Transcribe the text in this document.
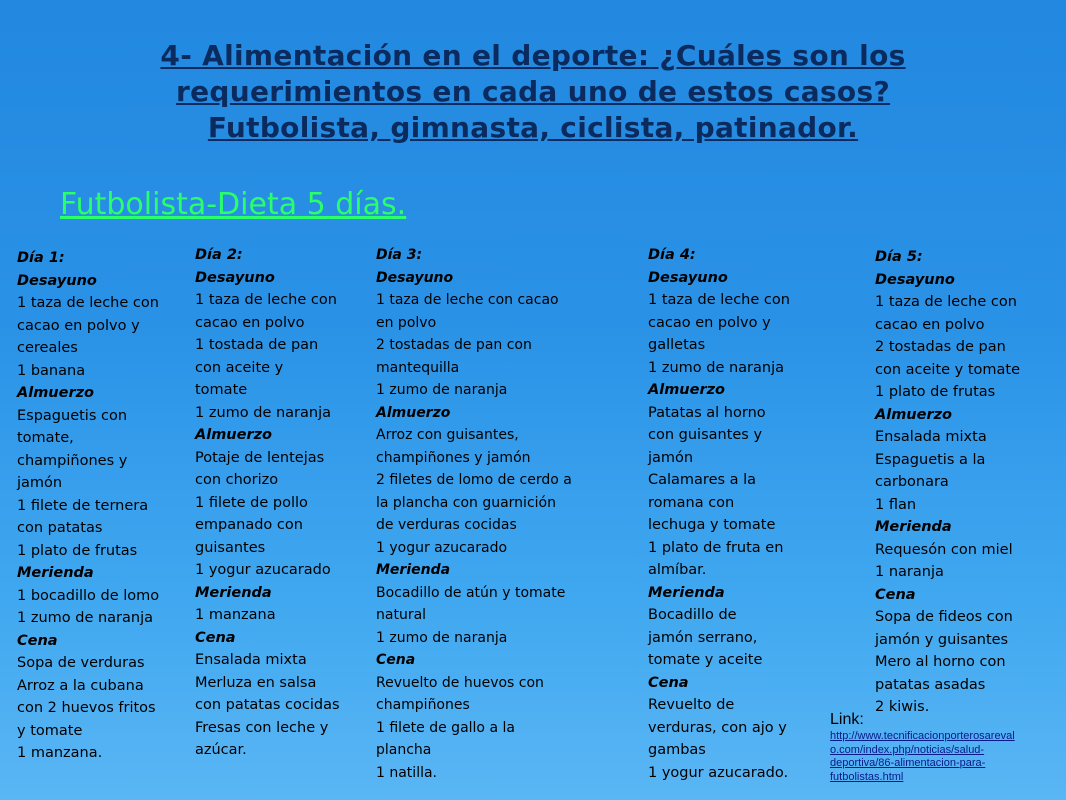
4- Alimentación en el deporte: ¿Cuáles son los
requerimientos en cada uno de estos casos?
Futbolista, gimnasta, ciclista, patinador.
Futbolista-Dieta 5 días.
Día 1:
Desayuno
1 taza de leche con
cacao en polvo y
cereales
1 banana
Almuerzo
Espaguetis con
tomate,
champiñones y
jamón
1 filete de ternera
con patatas
1 plato de frutas
Merienda
1 bocadillo de lomo
1 zumo de naranja
Cena
Sopa de verduras
Arroz a la cubana
con 2 huevos fritos
y tomate
1 manzana.
Día 2:
Desayuno
1 taza de leche con
cacao en polvo
1 tostada de pan
con aceite y
tomate
1 zumo de naranja
Almuerzo
Potaje de lentejas
con chorizo
1 filete de pollo
empanado con
guisantes
1 yogur azucarado
Merienda
1 manzana
Cena
Ensalada mixta
Merluza en salsa
con patatas cocidas
Fresas con leche y
azúcar.
Día 3:
Desayuno
1 taza de leche con cacao
en polvo
2 tostadas de pan con
mantequilla
1 zumo de naranja
Almuerzo
Arroz con guisantes,
champiñones y jamón
2 filetes de lomo de cerdo a
la plancha con guarnición
de verduras cocidas
1 yogur azucarado
Merienda
Bocadillo de atún y tomate
natural
1 zumo de naranja
Cena
Revuelto de huevos con
champiñones
1 filete de gallo a la
plancha
1 natilla.
Día 4:
Desayuno
1 taza de leche con
cacao en polvo y
galletas
1 zumo de naranja
Almuerzo
Patatas al horno
con guisantes y
jamón
Calamares a la
romana con
lechuga y tomate
1 plato de fruta en
almíbar.
Merienda
Bocadillo de
jamón serrano,
tomate y aceite
Cena
Revuelto de
verduras, con ajo y
gambas
1 yogur azucarado.
Día 5:
Desayuno
1 taza de leche con
cacao en polvo
2 tostadas de pan
con aceite y tomate
1 plato de frutas
Almuerzo
Ensalada mixta
Espaguetis a la
carbonara
1 flan
Merienda
Requesón con miel
1 naranja
Cena
Sopa de fideos con
jamón y guisantes
Mero al horno con
patatas asadas
2 kiwis.
Link:
http://www.tecnificacionporterosareval
o.com/index.php/noticias/salud-
deportiva/86-alimentacion-para-
futbolistas.html
